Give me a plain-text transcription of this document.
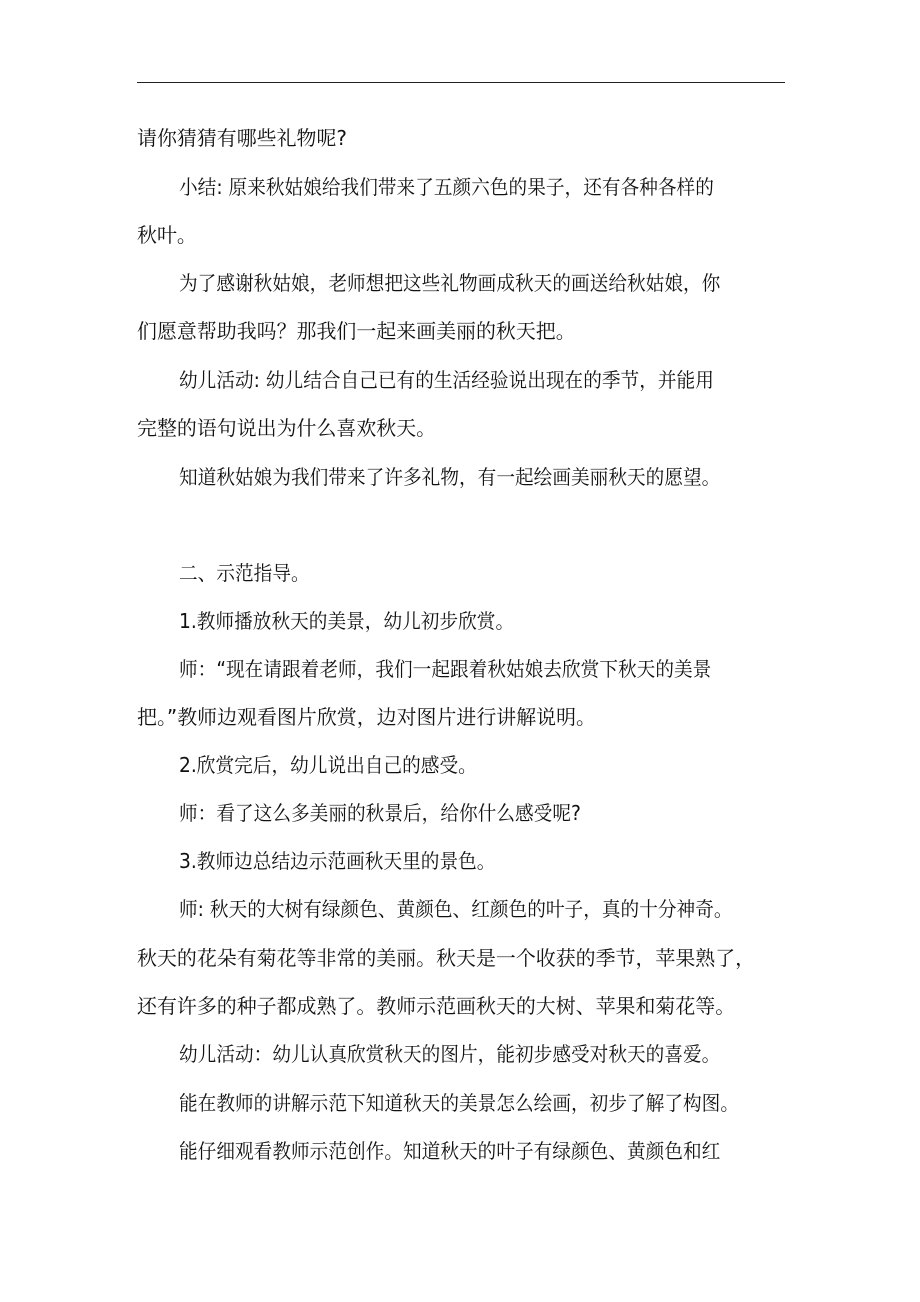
请你猜猜有哪些礼物呢?
小结: 原来秋姑娘给我们带来了五颜六色的果子，还有各种各样的
秋叶。
为了感谢秋姑娘，老师想把这些礼物画成秋天的画送给秋姑娘，你
们愿意帮助我吗？那我们一起来画美丽的秋天把。
幼儿活动: 幼儿结合自己已有的生活经验说出现在的季节，并能用
完整的语句说出为什么喜欢秋天。
知道秋姑娘为我们带来了许多礼物，有一起绘画美丽秋天的愿望。
二、示范指导。
1.教师播放秋天的美景，幼儿初步欣赏。
师：“现在请跟着老师，我们一起跟着秋姑娘去欣赏下秋天的美景
把。”教师边观看图片欣赏，边对图片进行讲解说明。
2.欣赏完后，幼儿说出自己的感受。
师：看了这么多美丽的秋景后，给你什么感受呢?
3.教师边总结边示范画秋天里的景色。
师: 秋天的大树有绿颜色、黄颜色、红颜色的叶子，真的十分神奇。
秋天的花朵有菊花等非常的美丽。秋天是一个收获的季节，苹果熟了，
还有许多的种子都成熟了。教师示范画秋天的大树、苹果和菊花等。
幼儿活动：幼儿认真欣赏秋天的图片，能初步感受对秋天的喜爱。
能在教师的讲解示范下知道秋天的美景怎么绘画，初步了解了构图。
能仔细观看教师示范创作。知道秋天的叶子有绿颜色、黄颜色和红
